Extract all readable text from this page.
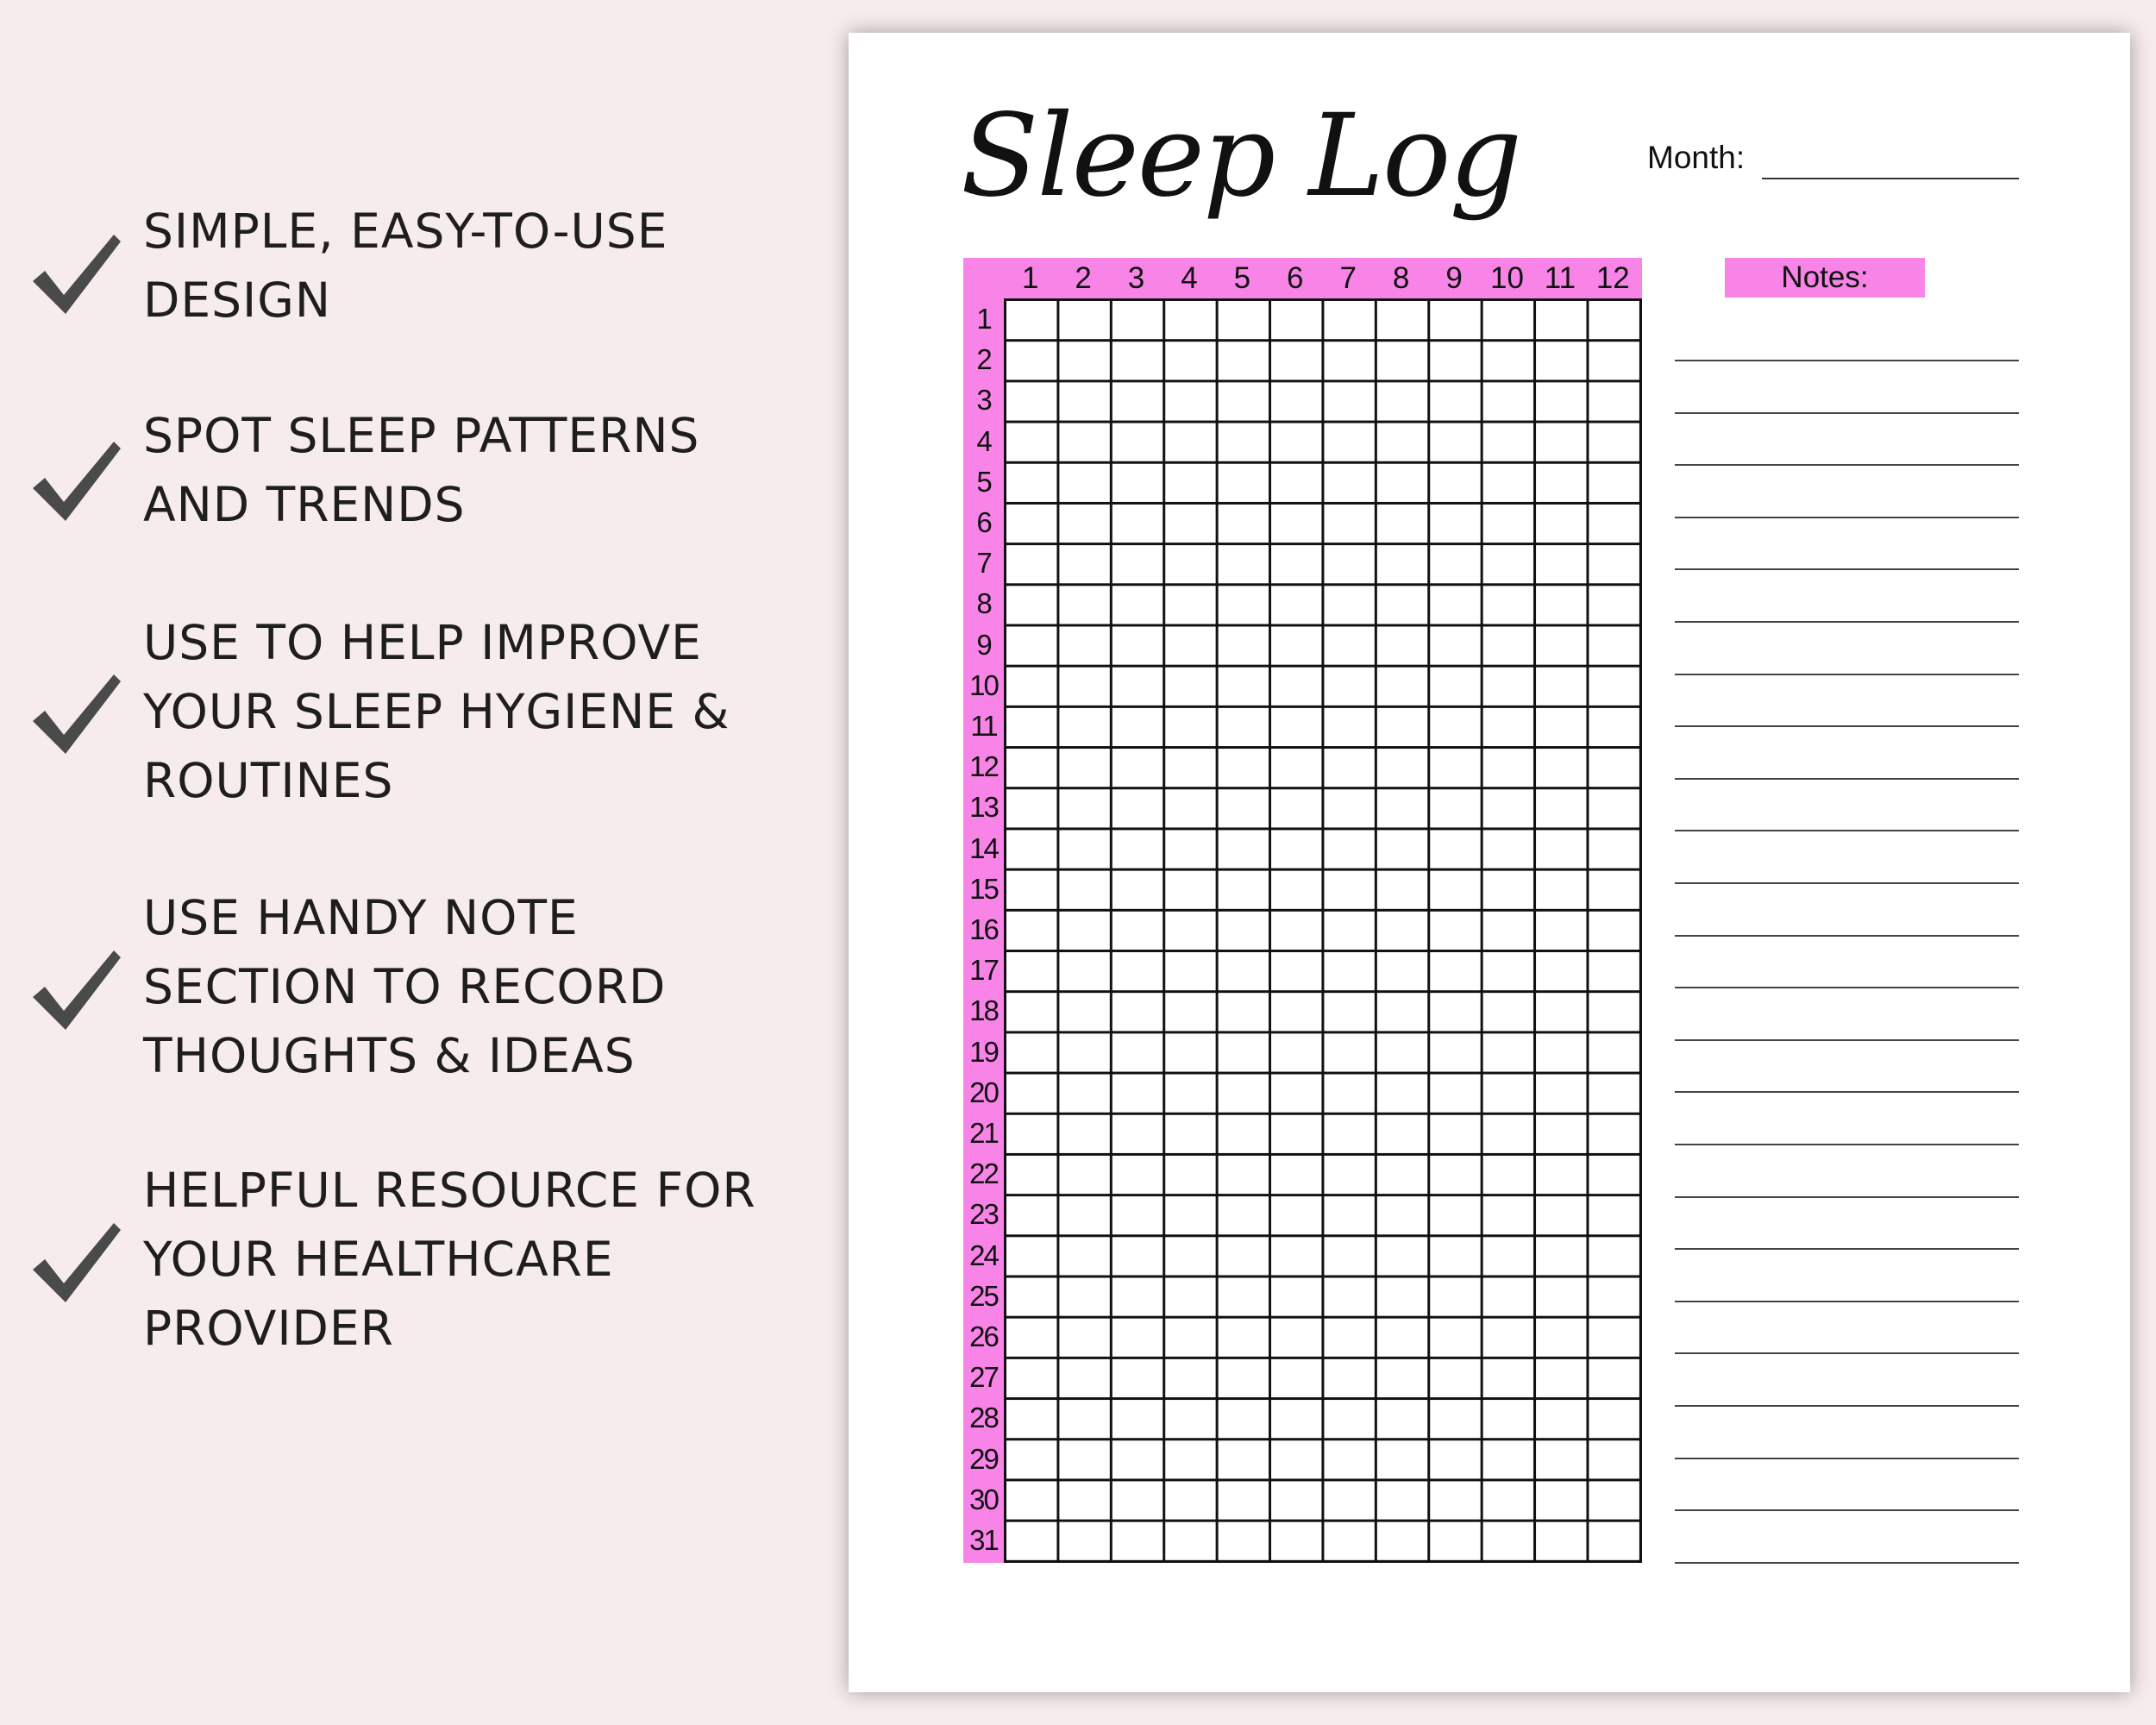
SIMPLE, EASY-TO-USE
DESIGN
SPOT SLEEP PATTERNS
AND TRENDS
USE TO HELP IMPROVE
YOUR SLEEP HYGIENE &
ROUTINES
USE HANDY NOTE
SECTION TO RECORD
THOUGHTS & IDEAS
HELPFUL RESOURCE FOR
YOUR HEALTHCARE
PROVIDER
Sleep Log	Month:
1	2	3	4	5	6	7	8	9 10 11 12
1
2
3
4
5
6
7
8
9
10
11
12
13
14
15
16
17
18
19
20
21
22
23
24
25
26
27
28
29
30
31
Notes:
